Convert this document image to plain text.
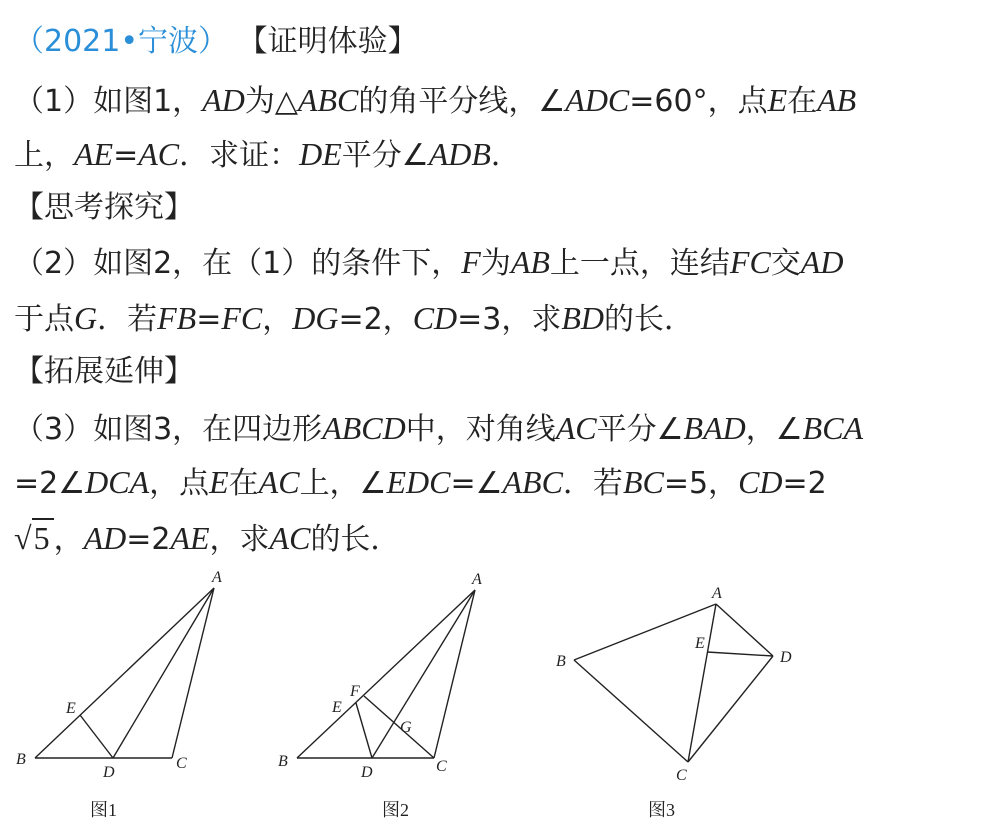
（2021•宁波） 【证明体验】
（1）如图1，AD为△ABC的角平分线，∠ADC=60°，点E在AB
上，AE=AC．求证：DE平分∠ADB．
【思考探究】
（2）如图2，在（1）的条件下，F为AB上一点，连结FC交AD
于点G．若FB=FC，DG=2，CD=3，求BD的长．
【拓展延伸】
（3）如图3，在四边形ABCD中，对角线AC平分∠BAD，∠BCA
=2∠DCA，点E在AC上，∠EDC=∠ABC．若BC=5，CD=2
√5 ，AD=2AE，求AC的长．
A
B	C
D
E
图1
A
B	C
D
E
F
G
图2
A
B
C
D
E
图3
